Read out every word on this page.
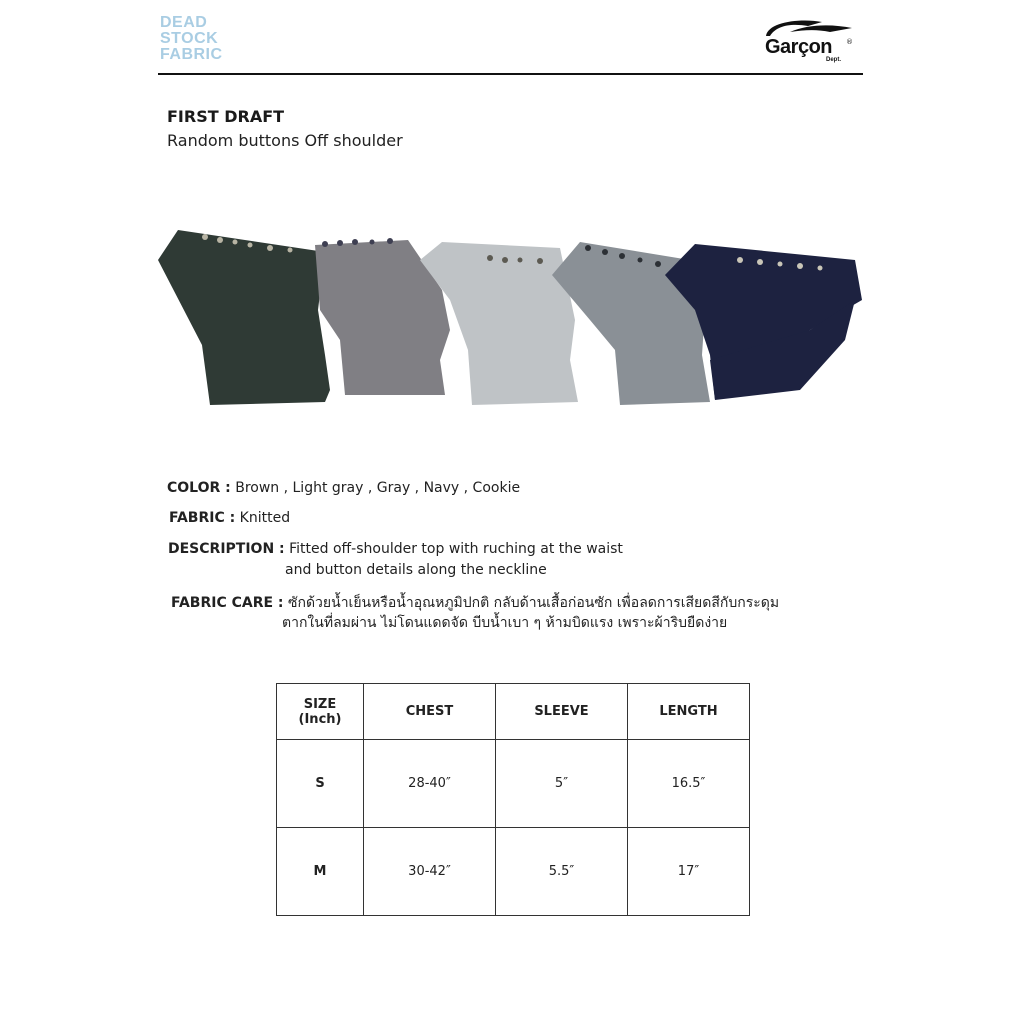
DEAD
STOCK
FABRIC	Garçon ®
Dept.
FIRST DRAFT
Random buttons Off shoulder
COLOR : Brown , Light gray , Gray , Navy , Cookie
FABRIC : Knitted
DESCRIPTION : Fitted off-shoulder top with ruching at the waist
and button details along the neckline
FABRIC CARE : ซักด้วยน้ำเย็นหรือน้ำอุณหภูมิปกติ กลับด้านเสื้อก่อนซัก เพื่อลดการเสียดสีกับกระดุม
ตากในที่ลมผ่าน ไม่โดนแดดจัด บีบน้ำเบา ๆ ห้ามบิดแรง เพราะผ้าริบยืดง่าย
SIZE
(Inch)	CHEST	SLEEVE	LENGTH
S	28-40″	5″	16.5″
M	30-42″	5.5″	17″
